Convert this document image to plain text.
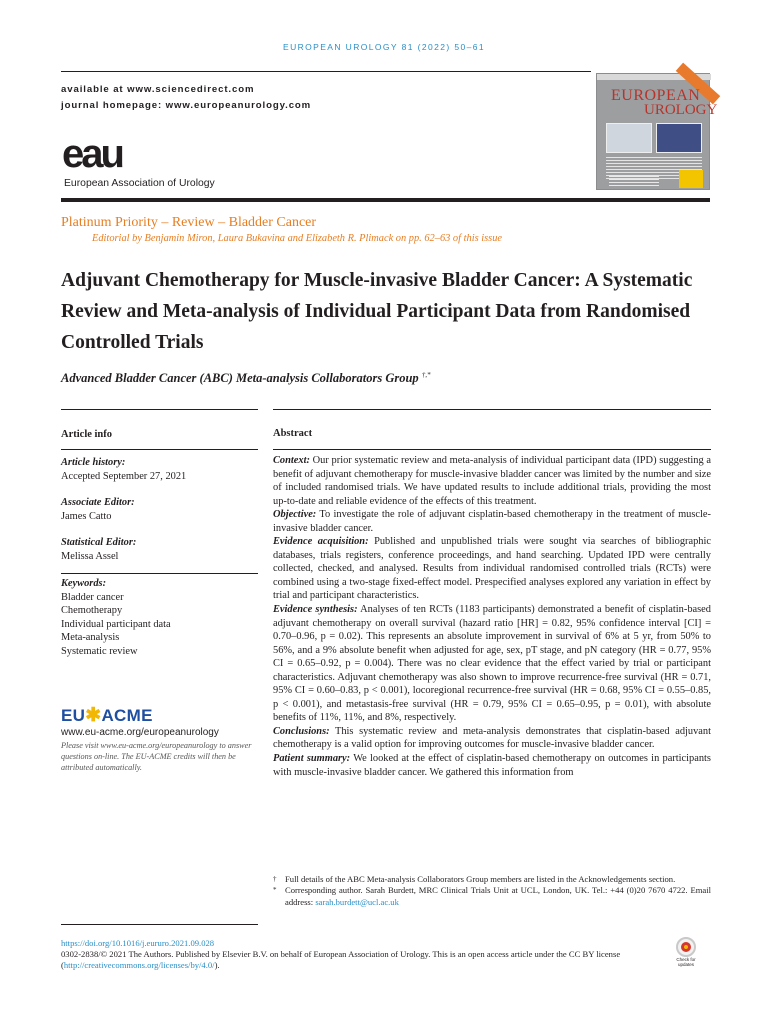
EUROPEAN UROLOGY 81 (2022) 50–61
available at www.sciencedirect.com
journal homepage: www.europeanurology.com
eau
European Association of Urology
EUROPEAN
UROLOGY
Platinum Priority – Review – Bladder Cancer
Editorial by Benjamin Miron, Laura Bukavina and Elizabeth R. Plimack on pp. 62–63 of this issue
Adjuvant Chemotherapy for Muscle-invasive Bladder Cancer: A Systematic Review and Meta-analysis of Individual Participant Data from Randomised Controlled Trials
Advanced Bladder Cancer (ABC) Meta-analysis Collaborators Group †,*
Article info	Abstract
Article history:
Accepted September 27, 2021
Associate Editor:
James Catto
Statistical Editor:
Melissa Assel
Keywords:
Bladder cancer
Chemotherapy
Individual participant data
Meta-analysis
Systematic review
EU✱ACME
www.eu-acme.org/europeanurology
Please visit www.eu-acme.org/europeanurology to answer questions on-line. The EU-ACME credits will then be attributed automatically.

Context: Our prior systematic review and meta-analysis of individual participant data (IPD) suggesting a benefit of adjuvant chemotherapy for muscle-invasive bladder cancer was limited by the number and size of included randomised trials. We have updated results to include additional trials, providing the most up-to-date and reliable evidence of the effects of this treatment.

Objective: To investigate the role of adjuvant cisplatin-based chemotherapy in the treatment of muscle-invasive bladder cancer.

Evidence acquisition: Published and unpublished trials were sought via searches of bibliographic databases, trials registers, conference proceedings, and hand searching. Updated IPD were centrally collected, checked, and analysed. Results from individual randomised controlled trials (RCTs) were combined using a two-stage fixed-effect model. Prespecified analyses explored any variation in effect by trial and participant characteristics.

Evidence synthesis: Analyses of ten RCTs (1183 participants) demonstrated a benefit of cisplatin-based adjuvant chemotherapy on overall survival (hazard ratio [HR] = 0.82, 95% confidence interval [CI] = 0.70–0.96, p = 0.02). This represents an absolute improvement in survival of 6% at 5 yr, from 50% to 56%, and a 9% absolute benefit when adjusted for age, sex, pT stage, and pN category (HR = 0.77, 95% CI = 0.65–0.92, p = 0.004). There was no clear evidence that the effect varied by trial or participant characteristics. Adjuvant chemotherapy was also shown to improve recurrence-free survival (HR = 0.71, 95% CI = 0.60–0.83, p < 0.001), locoregional recurrence-free survival (HR = 0.68, 95% CI = 0.55–0.85, p < 0.001), and metastasis-free survival (HR = 0.79, 95% CI = 0.65–0.95, p = 0.01), with absolute benefits of 11%, 11%, and 8%, respectively.

Conclusions: This systematic review and meta-analysis demonstrates that cisplatin-based adjuvant chemotherapy is a valid option for improving outcomes for muscle-invasive bladder cancer.

Patient summary: We looked at the effect of cisplatin-based chemotherapy on outcomes in participants with muscle-invasive bladder cancer. We gathered this information from

† Full details of the ABC Meta-analysis Collaborators Group members are listed in the Acknowledgements section.
* Corresponding author. Sarah Burdett, MRC Clinical Trials Unit at UCL, London, UK. Tel.: +44 (0)20 7670 4722. Email address: sarah.burdett@ucl.ac.uk
https://doi.org/10.1016/j.eururo.2021.09.028
0302-2838/© 2021 The Authors. Published by Elsevier B.V. on behalf of European Association of Urology. This is an open access article under the CC BY license (http://creativecommons.org/licenses/by/4.0/).
Check for
updates
